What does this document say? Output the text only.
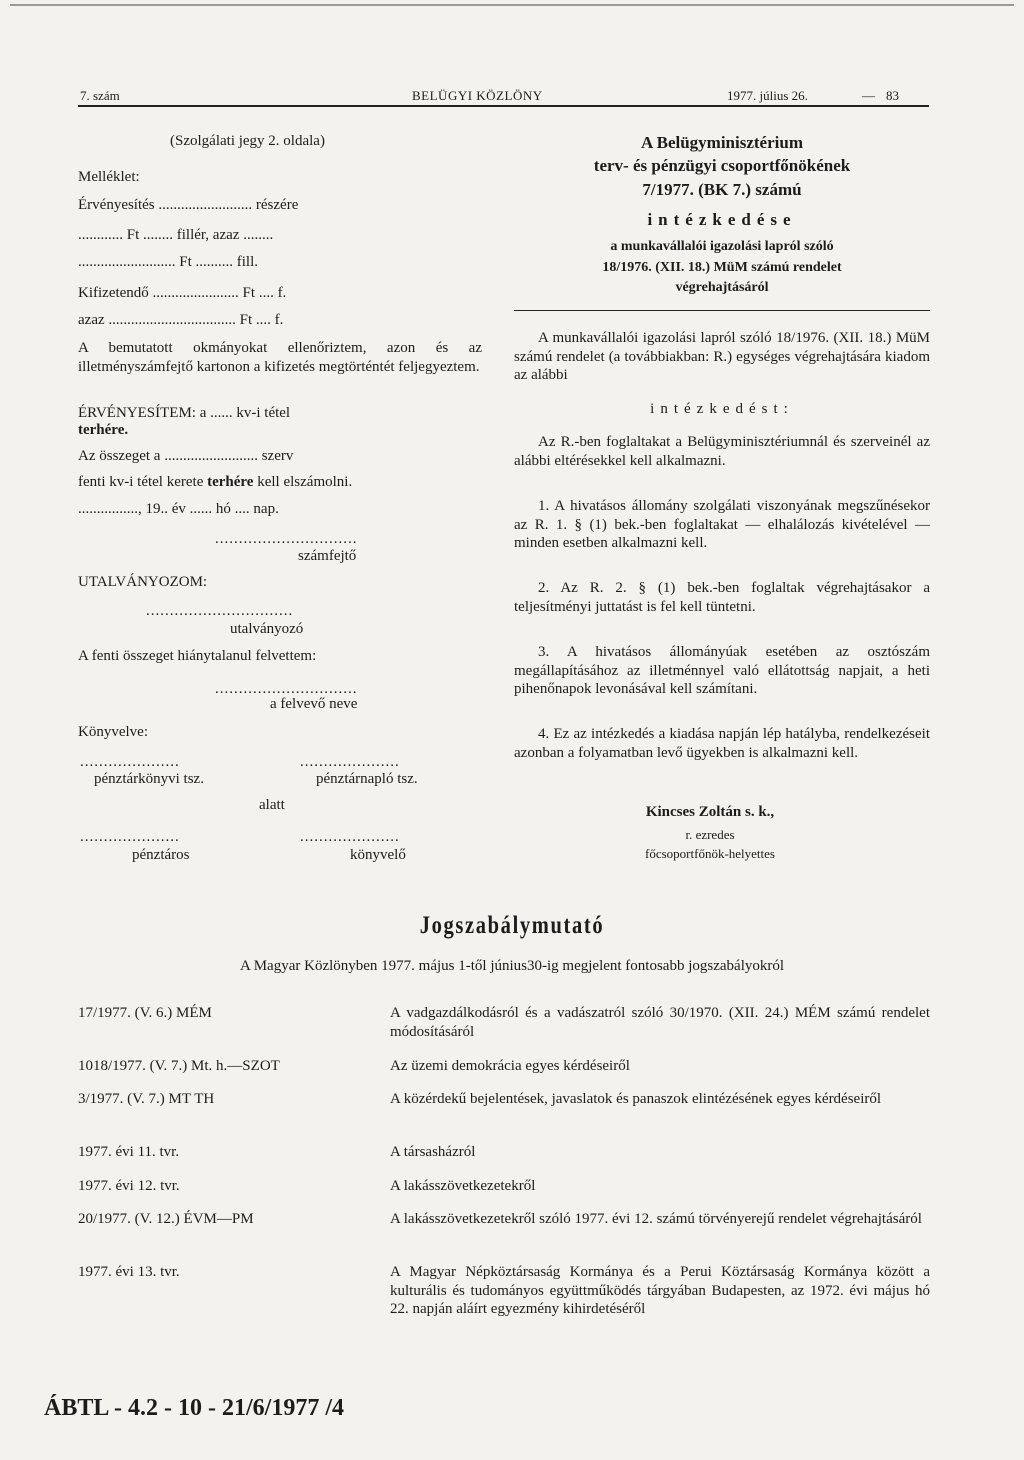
7. szám	BELÜGYI KÖZLÖNY	1977. július 26.	— 83
(Szolgálati jegy 2. oldala)
Melléklet:
Érvényesítés ......................... részére
............ Ft ........ fillér, azaz ........
.......................... Ft .......... fill.
Kifizetendő ....................... Ft .... f.
azaz .................................. Ft .... f.
A bemutatott okmányokat ellenőriztem, azon és az illetményszámfejtő kartonon a kifizetés megtörténtét feljegyeztem.
ÉRVÉNYESÍTEM: a ...... kv-i tétel
terhére.
Az összeget a ......................... szerv
fenti kv-i tétel kerete terhére kell elszámolni.
................, 19.. év ...... hó .... nap.
..............................
számfejtő
UTALVÁNYOZOM:
...............................
utalványozó
A fenti összeget hiánytalanul felvettem:
..............................
a felvevő neve
Könyvelve:
.....................	.....................
pénztárkönyvi tsz.	pénztárnapló tsz.
alatt
.....................	.....................
pénztáros	könyvelő
A Belügyminisztérium
terv- és pénzügyi csoportfőnökének
7/1977. (BK 7.) számú
intézkedése
a munkavállalói igazolási lapról szóló
18/1976. (XII. 18.) MüM számú rendelet
végrehajtásáról
A munkavállalói igazolási lapról szóló 18/1976. (XII. 18.) MüM számú rendelet (a továbbiakban: R.) egységes végrehajtására kiadom az alábbi
intézkedést:
Az R.-ben foglaltakat a Belügyminisztériumnál és szerveinél az alábbi eltérésekkel kell alkalmazni.
1. A hivatásos állomány szolgálati viszonyának megszűnésekor az R. 1. § (1) bek.-ben foglaltakat — elhalálozás kivételével — minden esetben alkalmazni kell.
2. Az R. 2. § (1) bek.-ben foglaltak végrehajtásakor a teljesítményi juttatást is fel kell tüntetni.
3. A hivatásos állományúak esetében az osztószám megállapításához az illetménnyel való ellátottság napjait, a heti pihenőnapok levonásával kell számítani.
4. Ez az intézkedés a kiadása napján lép hatályba, rendelkezéseit azonban a folyamatban levő ügyekben is alkalmazni kell.
Kincses Zoltán s. k.,
r. ezredes
főcsoportfőnök-helyettes
Jogszabálymutató
A Magyar Közlönyben 1977. május 1-től június30-ig megjelent fontosabb jogszabályokról
17/1977. (V. 6.) MÉM	A vadgazdálkodásról és a vadászatról szóló 30/1970. (XII. 24.) MÉM számú rendelet módosításáról
1018/1977. (V. 7.) Mt. h.—SZOT	Az üzemi demokrácia egyes kérdéseiről
3/1977. (V. 7.) MT TH	A közérdekű bejelentések, javaslatok és panaszok elintézésének egyes kérdéseiről
1977. évi 11. tvr.	A társasházról
1977. évi 12. tvr.	A lakásszövetkezetekről
20/1977. (V. 12.) ÉVM—PM	A lakásszövetkezetekről szóló 1977. évi 12. számú törvényerejű rendelet végrehajtásáról
1977. évi 13. tvr.	A Magyar Népköztársaság Kormánya és a Perui Köztársaság Kormánya között a kulturális és tudományos együttműködés tárgyában Budapesten, az 1972. évi május hó 22. napján aláírt egyezmény kihirdetéséről
ÁBTL - 4.2 - 10 - 21/6/1977 /4
